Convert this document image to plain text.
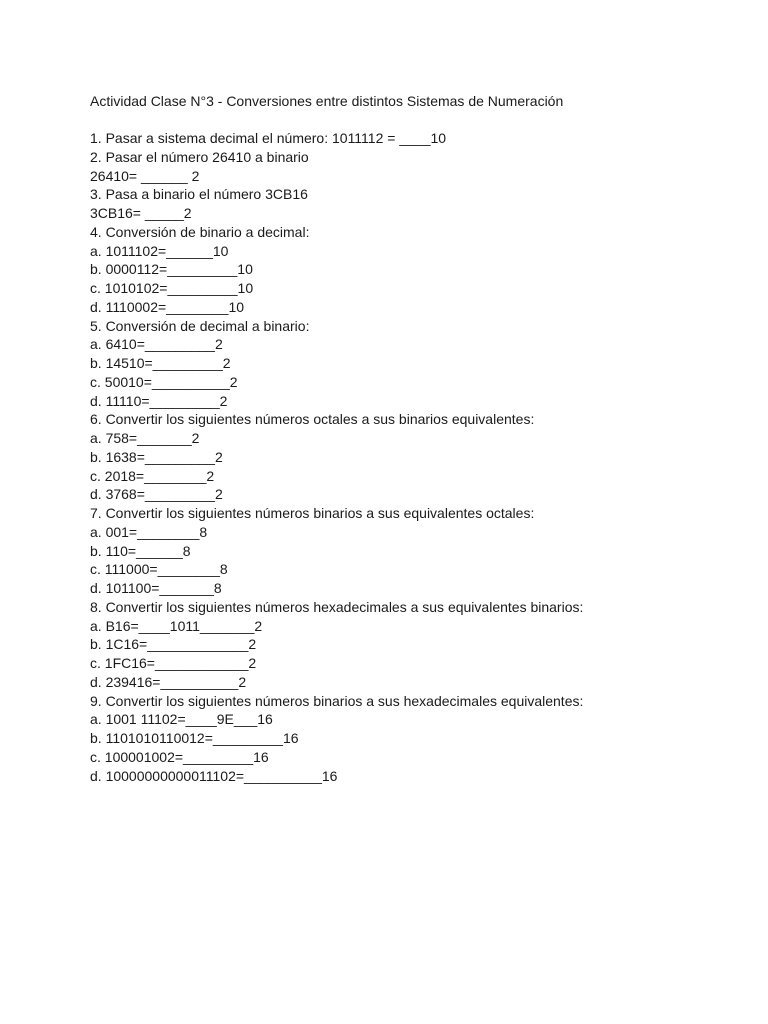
Actividad Clase N°3 - Conversiones entre distintos Sistemas de Numeración

1. Pasar a sistema decimal el número: 1011112 = ____10

2. Pasar el número 26410 a binario

26410= ______ 2

3. Pasa a binario el número 3CB16

3CB16= _____2

4. Conversión de binario a decimal:

a. 1011102=______10

b. 0000112=_________10

c. 1010102=_________10

d. 1110002=________10

5. Conversión de decimal a binario:

a. 6410=_________2

b. 14510=_________2

c. 50010=__________2

d. 11110=_________2

6. Convertir los siguientes números octales a sus binarios equivalentes:

a. 758=_______2

b. 1638=_________2

c. 2018=________2

d. 3768=_________2

7. Convertir los siguientes números binarios a sus equivalentes octales:

a. 001=________8

b. 110=______8

c. 111000=________8

d. 101100=_______8

8. Convertir los siguientes números hexadecimales a sus equivalentes binarios:

a. B16=____1011_______2

b. 1C16=_____________2

c. 1FC16=____________2

d. 239416=__________2

9. Convertir los siguientes números binarios a sus hexadecimales equivalentes:

a. 1001 11102=____9E___16

b. 1101010110012=_________16

c. 100001002=_________16

d. 10000000000011102=__________16
